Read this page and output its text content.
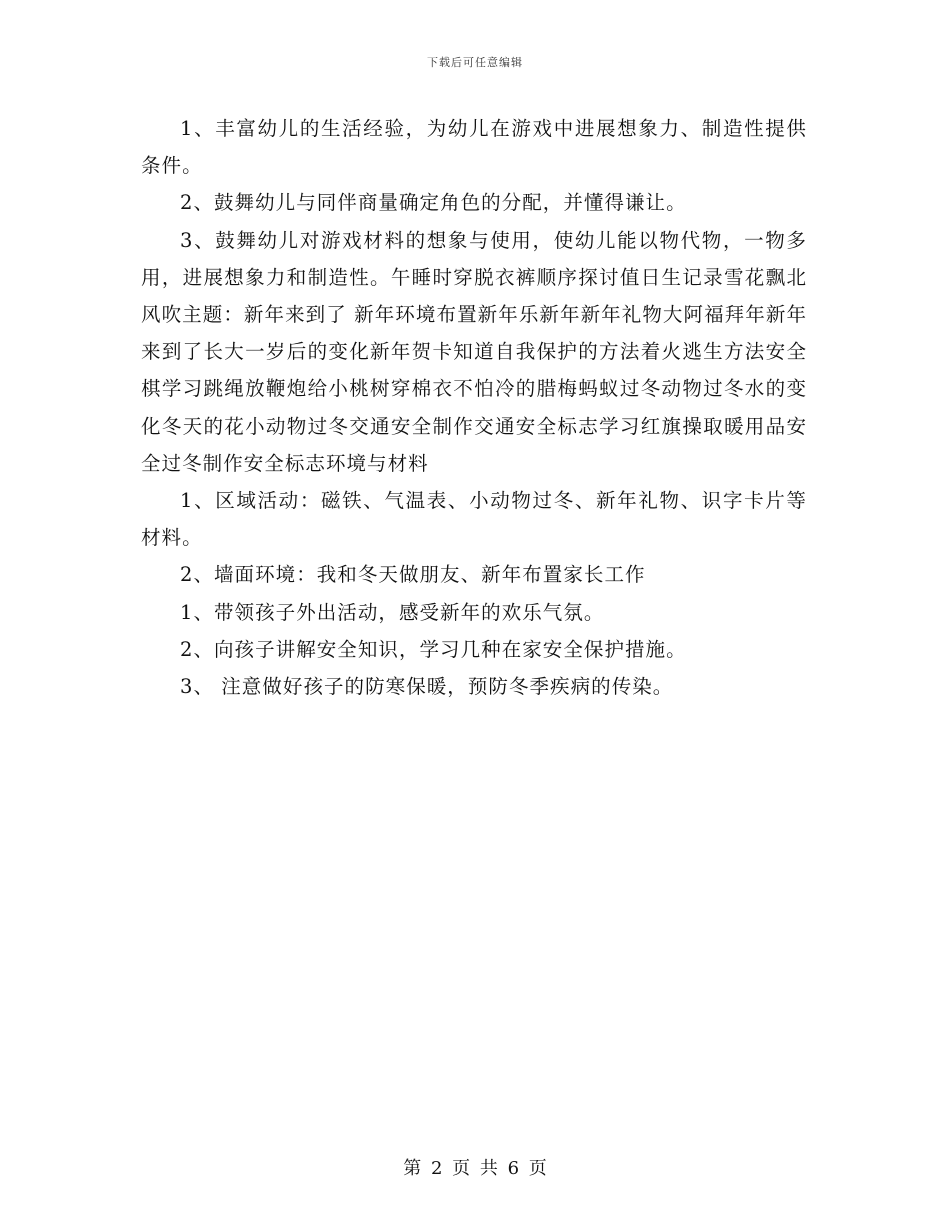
下载后可任意编辑

1、丰富幼儿的生活经验，为幼儿在游戏中进展想象力、制造性提供条件。

2、鼓舞幼儿与同伴商量确定角色的分配，并懂得谦让。

3、鼓舞幼儿对游戏材料的想象与使用，使幼儿能以物代物，一物多用，进展想象力和制造性。午睡时穿脱衣裤顺序探讨值日生记录雪花飘北风吹主题：新年来到了 新年环境布置新年乐新年新年礼物大阿福拜年新年来到了长大一岁后的变化新年贺卡知道自我保护的方法着火逃生方法安全棋学习跳绳放鞭炮给小桃树穿棉衣不怕冷的腊梅蚂蚁过冬动物过冬水的变化冬天的花小动物过冬交通安全制作交通安全标志学习红旗操取暖用品安全过冬制作安全标志环境与材料

1、区域活动：磁铁、气温表、小动物过冬、新年礼物、识字卡片等材料。

2、墙面环境：我和冬天做朋友、新年布置家长工作

1、带领孩子外出活动，感受新年的欢乐气氛。

2、向孩子讲解安全知识，学习几种在家安全保护措施。

3、 注意做好孩子的防寒保暖，预防冬季疾病的传染。

第 2 页 共 6 页
